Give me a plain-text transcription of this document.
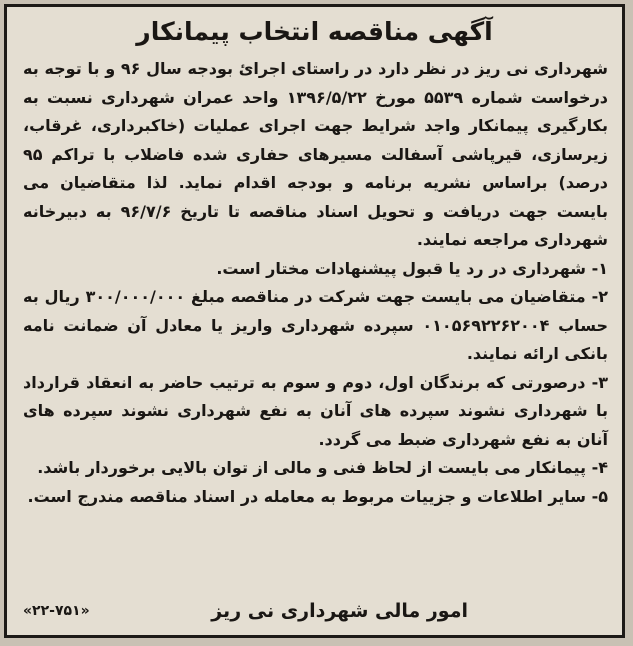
آگهی مناقصه انتخاب پیمانکار

شهرداری نی ریز در نظر دارد در راستای اجرایٔ بودجه سال ۹۶ و با توجه به درخواست شماره ۵۵۳۹ مورخ ۱۳۹۶/۵/۲۲ واحد عمران شهرداری نسبت به بکارگیری پیمانکار واجد شرایط جهت اجرای عملیات (خاکبرداری، غرقاب، زیرسازی، قیرپاشی آسفالت مسیرهای حفاری شده فاضلاب با تراکم ۹۵ درصد) براساس نشریه برنامه و بودجه اقدام نماید. لذا متقاضیان می بایست جهت دریافت و تحویل اسناد مناقصه تا تاریخ ۹۶/۷/۶ به دبیرخانه شهرداری مراجعه نمایند.

۱- شهرداری در رد یا قبول پیشنهادات مختار است.

۲- متقاضیان می بایست جهت شرکت در مناقصه مبلغ ۳۰۰/۰۰۰/۰۰۰ ریال به حساب ۰۱۰۵۶۹۲۲۶۲۰۰۴ سپرده شهرداری واریز یا معادل آن ضمانت نامه بانکی ارائه نمایند.

۳- درصورتی که برندگان اول، دوم و سوم به ترتیب حاضر به انعقاد قرارداد با شهرداری نشوند سپرده های آنان به نفع شهرداری نشوند سپرده های آنان به نفع شهرداری ضبط می گردد.

۴- پیمانکار می بایست از لحاظ فنی و مالی از توان بالایی برخوردار باشد.

۵- سایر اطلاعات و جزییات مربوط به معامله در اسناد مناقصه مندرج است.

امور مالی شهرداری نی ریز
«۲۲-۷۵۱»
